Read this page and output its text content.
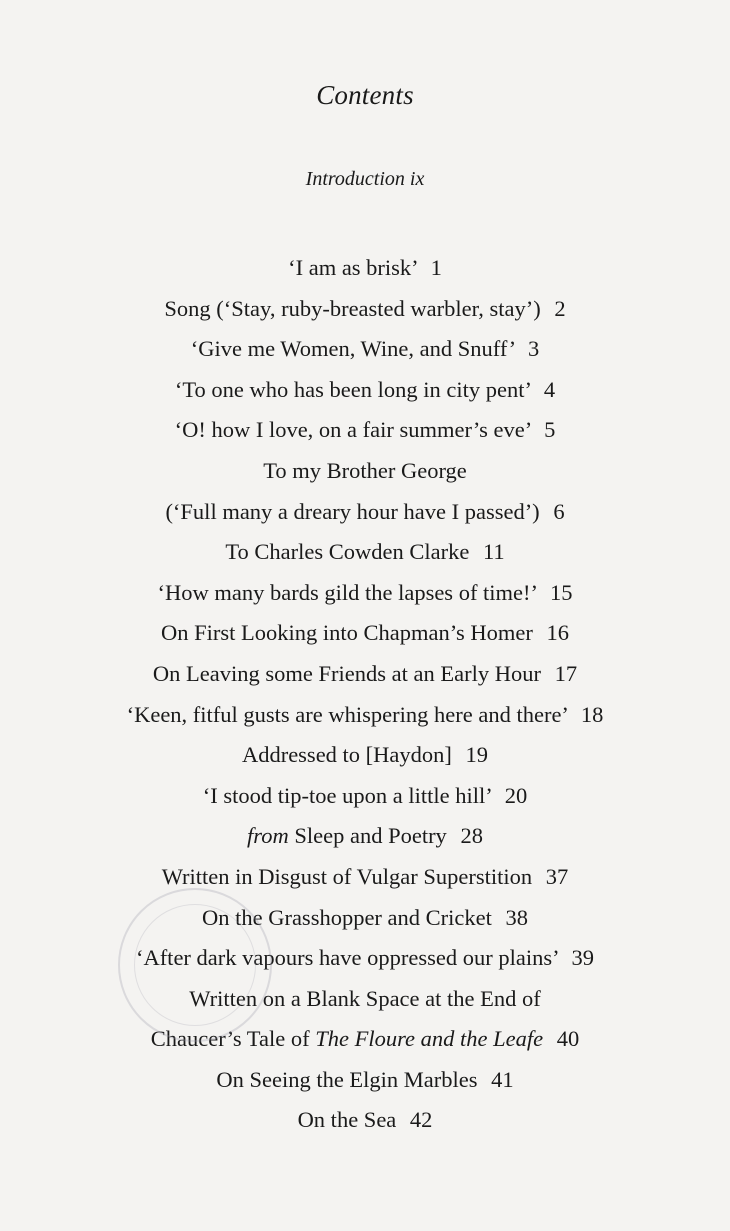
Contents
Introduction ix
‘I am as brisk’ 1
Song (‘Stay, ruby-breasted warbler, stay’) 2
‘Give me Women, Wine, and Snuff’ 3
‘To one who has been long in city pent’ 4
‘O! how I love, on a fair summer’s eve’ 5
To my Brother George
(‘Full many a dreary hour have I passed’) 6
To Charles Cowden Clarke 11
‘How many bards gild the lapses of time!’ 15
On First Looking into Chapman’s Homer 16
On Leaving some Friends at an Early Hour 17
‘Keen, fitful gusts are whispering here and there’ 18
Addressed to [Haydon] 19
‘I stood tip-toe upon a little hill’ 20
from Sleep and Poetry 28
Written in Disgust of Vulgar Superstition 37
On the Grasshopper and Cricket 38
‘After dark vapours have oppressed our plains’ 39
Written on a Blank Space at the End of
Chaucer’s Tale of The Floure and the Leafe 40
On Seeing the Elgin Marbles 41
On the Sea 42
